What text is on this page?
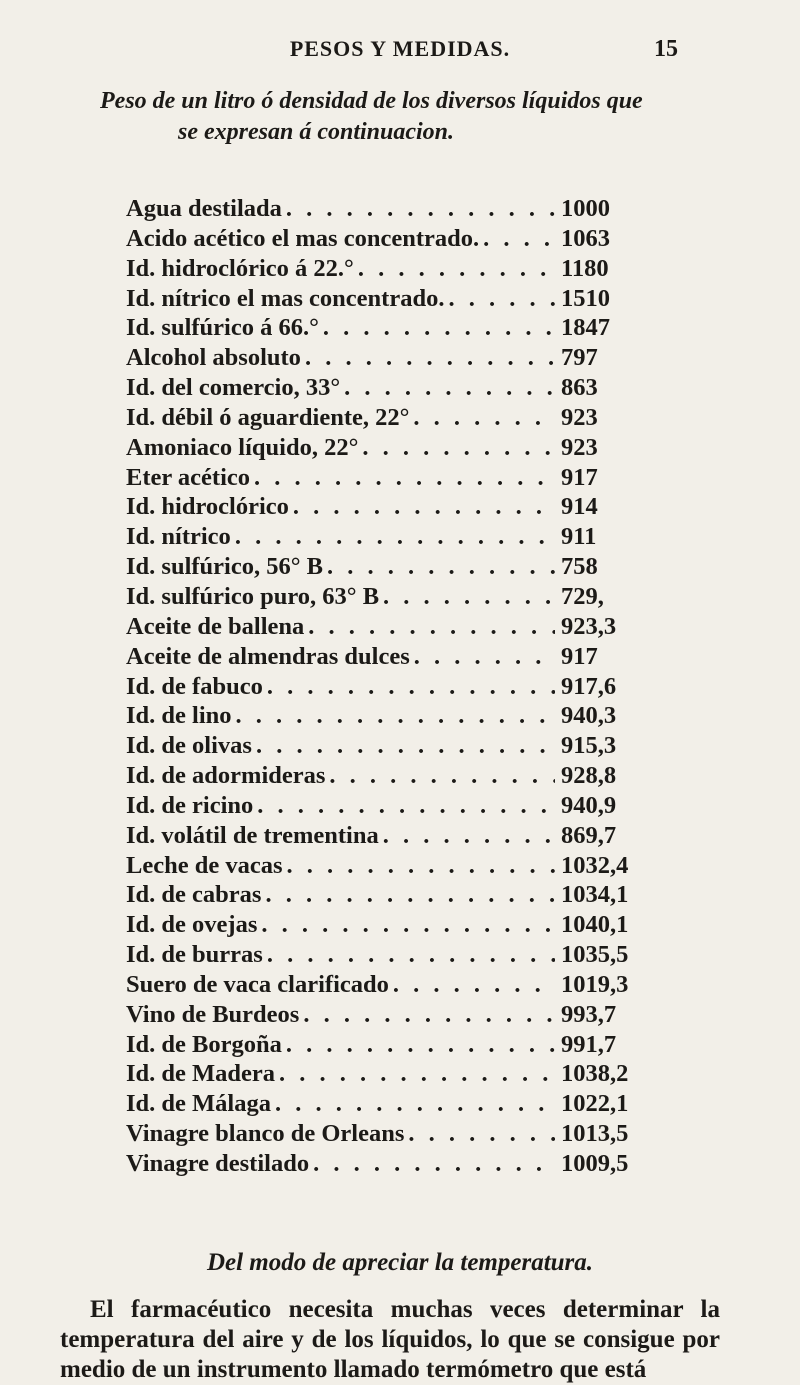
PESOS Y MEDIDAS.	15
Peso de un litro ó densidad de los diversos líquidos que
se expresan á continuacion.
Agua destilada . . .	1000
Acido acético el mas concentrado. . . .	1063
Id. hidroclórico á 22.° . . .	1180
Id. nítrico el mas concentrado. . . .	1510
Id. sulfúrico á 66.° . . .	1847
Alcohol absoluto . . .	797
Id. del comercio, 33° . . .	863
Id. débil ó aguardiente, 22° . . .	923
Amoniaco líquido, 22° . . .	923
Eter acético . . .	917
Id. hidroclórico . . .	914
Id. nítrico . . .	911
Id. sulfúrico, 56° B . . .	758
Id. sulfúrico puro, 63° B . . .	729,
Aceite de ballena . . .	923,3
Aceite de almendras dulces . . .	917
Id. de fabuco . . .	917,6
Id. de lino . . .	940,3
Id. de olivas . . .	915,3
Id. de adormideras . . .	928,8
Id. de ricino . . .	940,9
Id. volátil de trementina . . .	869,7
Leche de vacas . . .	1032,4
Id. de cabras . . .	1034,1
Id. de ovejas . . .	1040,1
Id. de burras . . .	1035,5
Suero de vaca clarificado . . .	1019,3
Vino de Burdeos . . .	993,7
Id. de Borgoña . . .	991,7
Id. de Madera . . .	1038,2
Id. de Málaga . . .	1022,1
Vinagre blanco de Orleans . . .	1013,5
Vinagre destilado . . .	1009,5
Del modo de apreciar la temperatura.
El farmacéutico necesita muchas veces determinar la temperatura del aire y de los líquidos, lo que se consigue por medio de un instrumento llamado termómetro que está
